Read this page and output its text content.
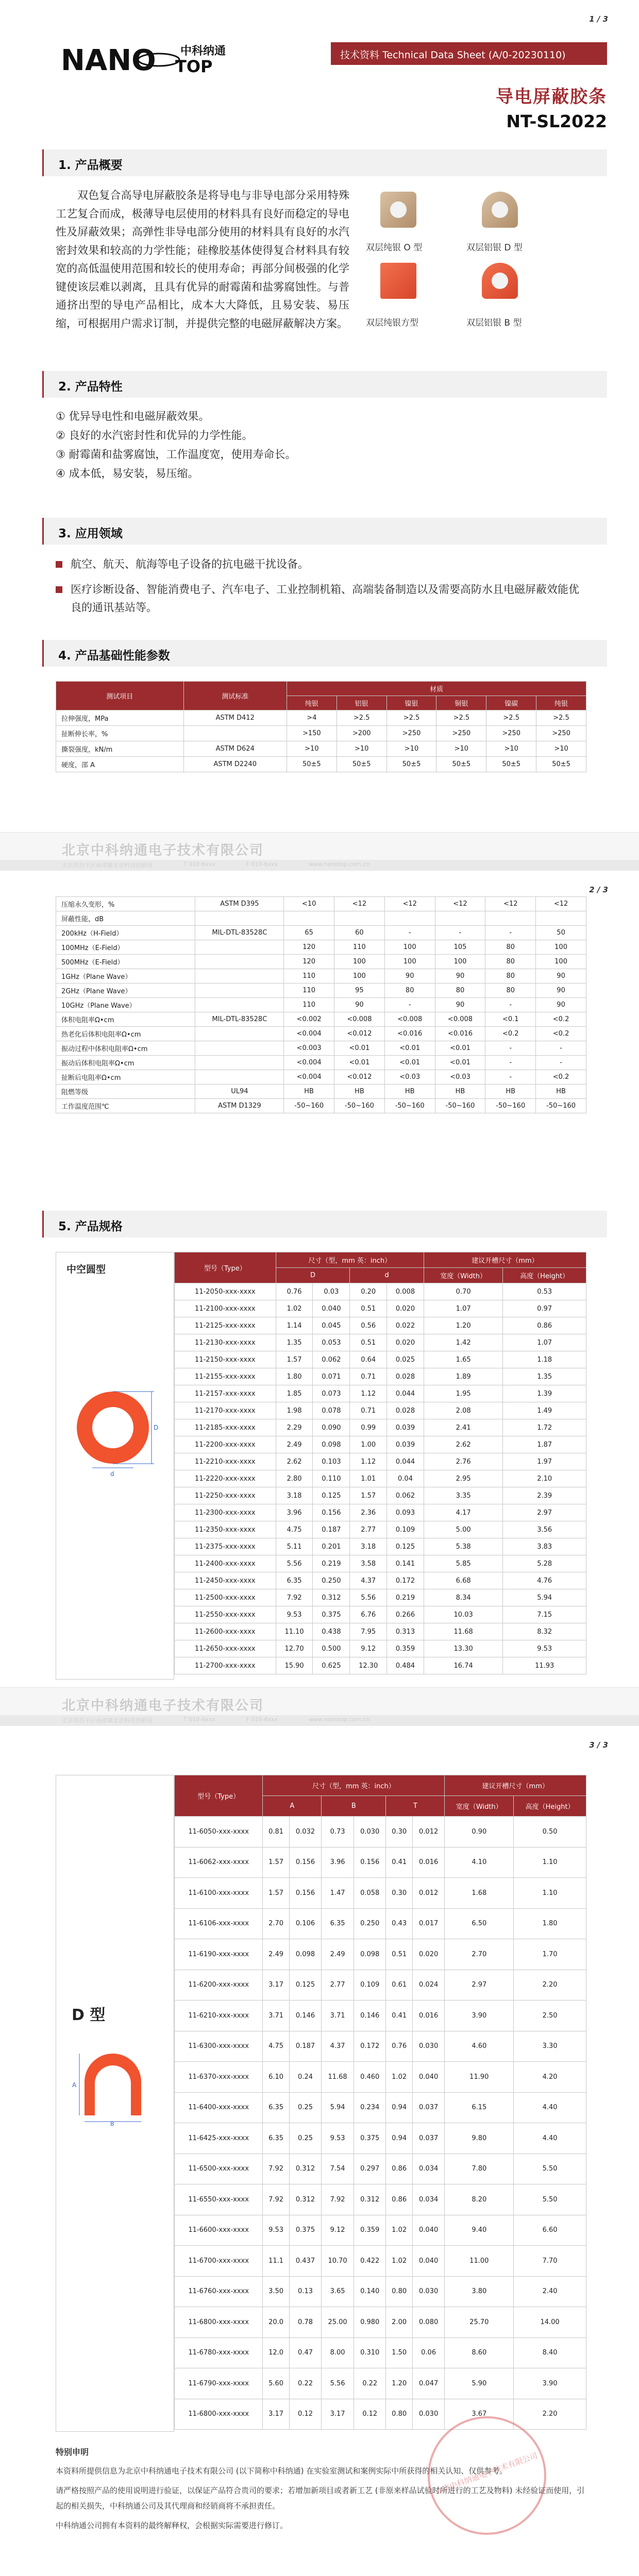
1 / 3
NANO 中科纳通
TOP
技术资料 Technical Data Sheet (A/0-20230110)
导电屏蔽胶条
NT-SL2022
1. 产品概要
双色复合高导电屏蔽胶条是将导电与非导电部分采用特殊工艺复合而成，极薄导电层使用的材料具有良好而稳定的导电性及屏蔽效果；高弹性非导电部分使用的材料具有良好的水汽密封效果和较高的力学性能；硅橡胶基体使得复合材料具有较宽的高低温使用范围和较长的使用寿命；再部分间极强的化学键使该层难以剥离，且具有优异的耐霉菌和盐雾腐蚀性。与普通挤出型的导电产品相比，成本大大降低，且易安装、易压缩，可根据用户需求订制，并提供完整的电磁屏蔽解决方案。
双层纯银 O 型	双层铝银 D 型
双层纯银方型	双层铝银 B 型
2. 产品特性
① 优异导电性和电磁屏蔽效果。
② 良好的水汽密封性和优异的力学性能。
③ 耐霉菌和盐雾腐蚀，工作温度宽，使用寿命长。
④ 成本低，易安装，易压缩。
3. 应用领域
航空、航天、航海等电子设备的抗电磁干扰设备。
医疗诊断设备、智能消费电子、汽车电子、工业控制机箱、高端装备制造以及需要高防水且电磁屏蔽效能优良的通讯基站等。
4. 产品基础性能参数
测试项目	测试标准	材质					
		纯银	铝银	镍银	铜银	镍碳	纯银
拉伸强度，MPa	ASTM D412	>4	>2.5	>2.5	>2.5	>2.5	>2.5
扯断伸长率，%		>150	>200	>250	>250	>250	>250
撕裂强度，kN/m	ASTM D624	>10	>10	>10	>10	>10	>10
硬度，邵 A	ASTM D2240	50±5	50±5	50±5	50±5	50±5	50±5
北京中科纳通电子技术有限公司
北京市昌平区南邵镇北京科技创新园	T 010-6xxx	F 010-6xxx	www.nanotop.com.cn
2 / 3
压缩永久变形，%	ASTM D395	<10	<12	<12	<12	<12	<12
屏蔽性能，dB							
200kHz（H-Field）	MIL-DTL-83528C	65	60	-	-	-	50
100MHz（E-Field）		120	110	100	105	80	100
500MHz（E-Field）		120	100	100	100	80	100
1GHz（Plane Wave）		110	100	90	90	80	90
2GHz（Plane Wave）		110	95	80	80	80	90
10GHz（Plane Wave）		110	90	-	90	-	90
体积电阻率Ω•cm	MIL-DTL-83528C	<0.002	<0.008	<0.008	<0.008	<0.1	<0.2
热老化后体积电阻率Ω•cm		<0.004	<0.012	<0.016	<0.016	<0.2	<0.2
振动过程中体积电阻率Ω•cm		<0.003	<0.01	<0.01	<0.01	-	-
振动后体积电阻率Ω•cm		<0.004	<0.01	<0.01	<0.01	-	-
扯断后电阻率Ω•cm		<0.004	<0.012	<0.03	<0.03	-	<0.2
阻燃等级	UL94	HB	HB	HB	HB	HB	HB
工作温度范围℃	ASTM D1329	-50~160	-50~160	-50~160	-50~160	-50~160	-50~160
5. 产品规格
中空圆型
D
d
型号（Type）	尺寸（型，mm 英：inch）				建议开槽尺寸（mm）	
	D		d		宽度（Width）	高度（Height）
11-2050-xxx-xxxx	0.76	0.03	0.20	0.008	0.70	0.53
11-2100-xxx-xxxx	1.02	0.040	0.51	0.020	1.07	0.97
11-2125-xxx-xxxx	1.14	0.045	0.56	0.022	1.20	0.86
11-2130-xxx-xxxx	1.35	0.053	0.51	0.020	1.42	1.07
11-2150-xxx-xxxx	1.57	0.062	0.64	0.025	1.65	1.18
11-2155-xxx-xxxx	1.80	0.071	0.71	0.028	1.89	1.35
11-2157-xxx-xxxx	1.85	0.073	1.12	0.044	1.95	1.39
11-2170-xxx-xxxx	1.98	0.078	0.71	0.028	2.08	1.49
11-2185-xxx-xxxx	2.29	0.090	0.99	0.039	2.41	1.72
11-2200-xxx-xxxx	2.49	0.098	1.00	0.039	2.62	1.87
11-2210-xxx-xxxx	2.62	0.103	1.12	0.044	2.76	1.97
11-2220-xxx-xxxx	2.80	0.110	1.01	0.04	2.95	2.10
11-2250-xxx-xxxx	3.18	0.125	1.57	0.062	3.35	2.39
11-2300-xxx-xxxx	3.96	0.156	2.36	0.093	4.17	2.97
11-2350-xxx-xxxx	4.75	0.187	2.77	0.109	5.00	3.56
11-2375-xxx-xxxx	5.11	0.201	3.18	0.125	5.38	3.83
11-2400-xxx-xxxx	5.56	0.219	3.58	0.141	5.85	5.28
11-2450-xxx-xxxx	6.35	0.250	4.37	0.172	6.68	4.76
11-2500-xxx-xxxx	7.92	0.312	5.56	0.219	8.34	5.94
11-2550-xxx-xxxx	9.53	0.375	6.76	0.266	10.03	7.15
11-2600-xxx-xxxx	11.10	0.438	7.95	0.313	11.68	8.32
11-2650-xxx-xxxx	12.70	0.500	9.12	0.359	13.30	9.53
11-2700-xxx-xxxx	15.90	0.625	12.30	0.484	16.74	11.93
北京中科纳通电子技术有限公司
北京市昌平区南邵镇北京科技创新园	T 010-6xxx	F 010-6xxx	www.nanotop.com.cn
3 / 3
D 型
A
B
型号（Type）	尺寸（型，mm 英：inch）						建议开槽尺寸（mm）	
	A		B		T		宽度（Width）	高度（Height）
11-6050-xxx-xxxx	0.81	0.032	0.73	0.030	0.30	0.012	0.90	0.50
11-6062-xxx-xxxx	1.57	0.156	3.96	0.156	0.41	0.016	4.10	1.10
11-6100-xxx-xxxx	1.57	0.156	1.47	0.058	0.30	0.012	1.68	1.10
11-6106-xxx-xxxx	2.70	0.106	6.35	0.250	0.43	0.017	6.50	1.80
11-6190-xxx-xxxx	2.49	0.098	2.49	0.098	0.51	0.020	2.70	1.70
11-6200-xxx-xxxx	3.17	0.125	2.77	0.109	0.61	0.024	2.97	2.20
11-6210-xxx-xxxx	3.71	0.146	3.71	0.146	0.41	0.016	3.90	2.50
11-6300-xxx-xxxx	4.75	0.187	4.37	0.172	0.76	0.030	4.60	3.30
11-6370-xxx-xxxx	6.10	0.24	11.68	0.460	1.02	0.040	11.90	4.20
11-6400-xxx-xxxx	6.35	0.25	5.94	0.234	0.94	0.037	6.15	4.40
11-6425-xxx-xxxx	6.35	0.25	9.53	0.375	0.94	0.037	9.80	4.40
11-6500-xxx-xxxx	7.92	0.312	7.54	0.297	0.86	0.034	7.80	5.50
11-6550-xxx-xxxx	7.92	0.312	7.92	0.312	0.86	0.034	8.20	5.50
11-6600-xxx-xxxx	9.53	0.375	9.12	0.359	1.02	0.040	9.40	6.60
11-6700-xxx-xxxx	11.1	0.437	10.70	0.422	1.02	0.040	11.00	7.70
11-6760-xxx-xxxx	3.50	0.13	3.65	0.140	0.80	0.030	3.80	2.40
11-6800-xxx-xxxx	20.0	0.78	25.00	0.980	2.00	0.080	25.70	14.00
11-6780-xxx-xxxx	12.0	0.47	8.00	0.310	1.50	0.06	8.60	8.40
11-6790-xxx-xxxx	5.60	0.22	5.56	0.22	1.20	0.047	5.90	3.90
11-6800-xxx-xxxx	3.17	0.12	3.17	0.12	0.80	0.030	3.67	2.20
特别申明
本资料所提供信息为北京中科纳通电子技术有限公司 (以下简称中科纳通) 在实验室测试和案例实际中所获得的相关认知、仅供参考。
请严格按照产品的使用说明进行验证，以保证产品符合贵司的要求；若增加新项目或者新工艺 (非原来样品试验时所进行的工艺及物料) 未经验证而使用，引起的相关损失，中科纳通公司及其代理商和经销商将不承担责任。
中科纳通公司拥有本资料的最终解释权，会根据实际需要进行修订。
北京中科纳通电子技术有限公司
